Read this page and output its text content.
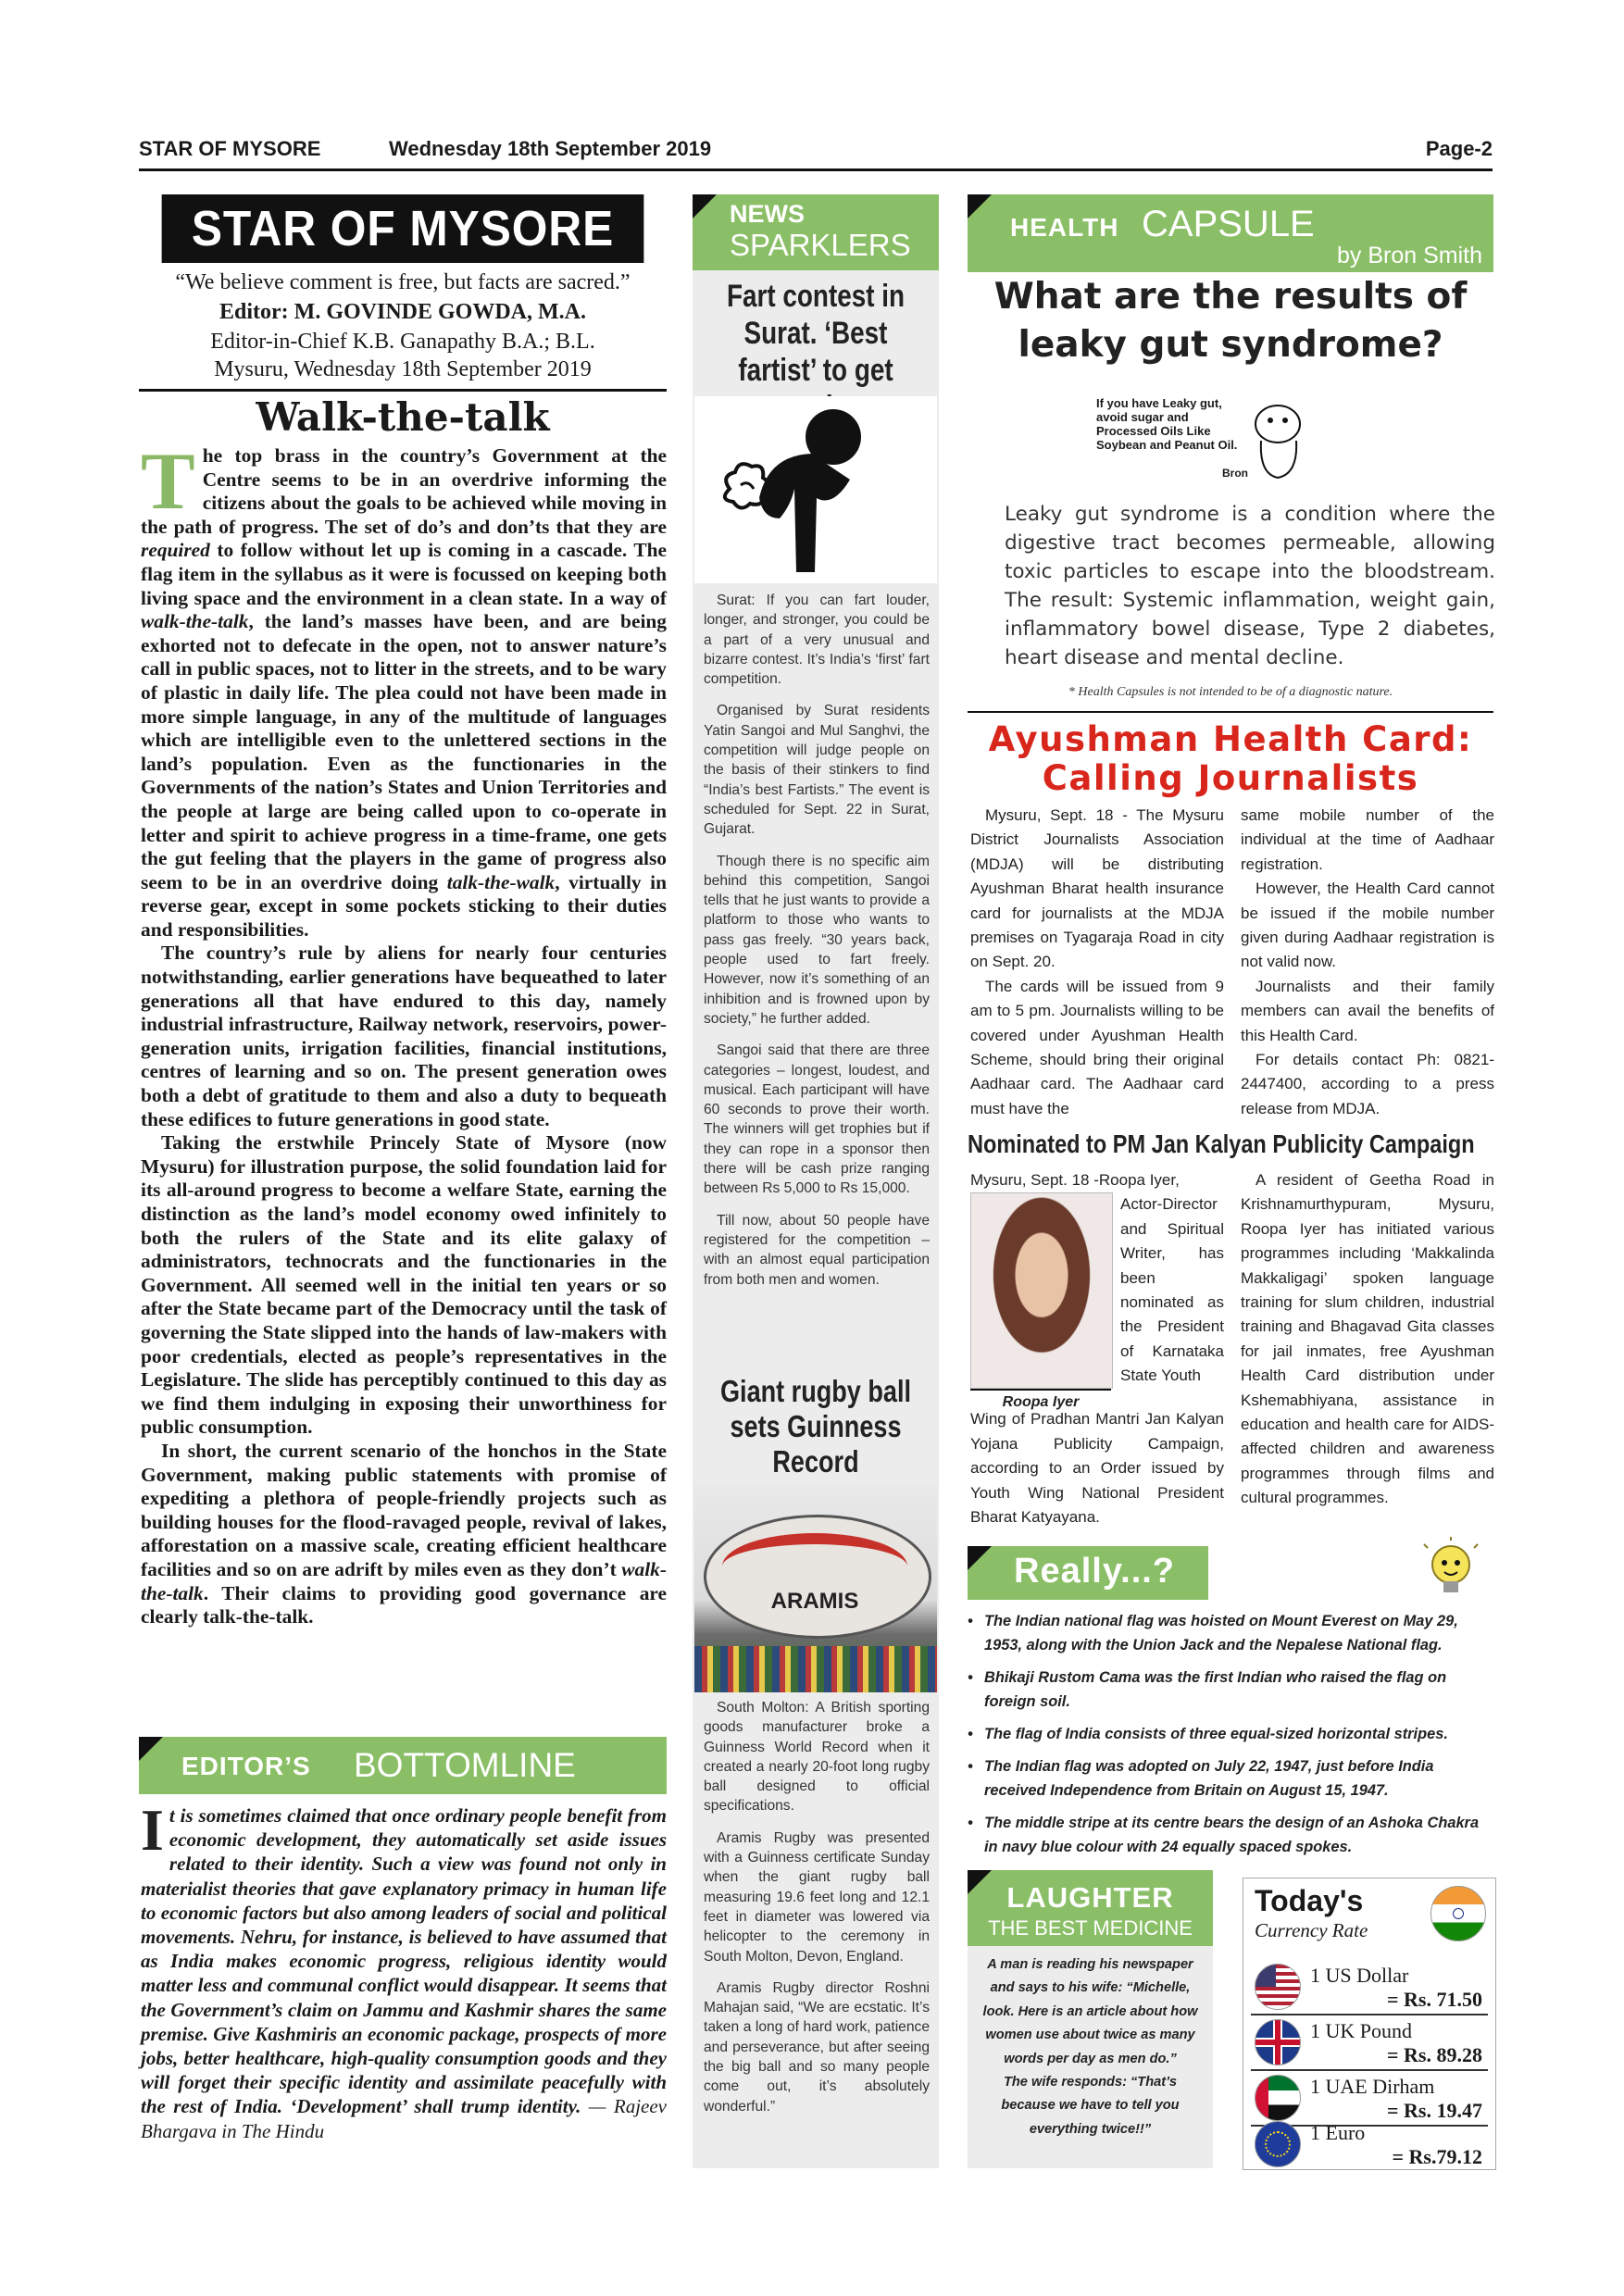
STAR OF MYSORE	Wednesday 18th September 2019	Page-2
STAR OF MYSORE
“We believe comment is free, but facts are sacred.”
Editor: M. GOVINDE GOWDA, M.A.
Editor-in-Chief K.B. Ganapathy B.A.; B.L.
Mysuru, Wednesday 18th September 2019
Walk-the-talk

The top brass in the country’s Government at the Centre seems to be in an overdrive informing the citizens about the goals to be achieved while moving in the path of progress. The set of do’s and don’ts that they are required to follow without let up is coming in a cascade. The flag item in the syllabus as it were is focussed on keeping both living space and the environment in a clean state. In a way of walk-the-talk, the land’s masses have been, and are being exhorted not to defecate in the open, not to answer nature’s call in public spaces, not to litter in the streets, and to be wary of plastic in daily life. The plea could not have been made in more simple language, in any of the multitude of languages which are intelligible even to the unlettered sections in the land’s population. Even as the functionaries in the Governments of the nation’s States and Union Territories and the people at large are being called upon to co-operate in letter and spirit to achieve progress in a time-frame, one gets the gut feeling that the players in the game of progress also seem to be in an overdrive doing talk-the-walk, virtually in reverse gear, except in some pockets sticking to their duties and responsibilities.

The country’s rule by aliens for nearly four centuries notwithstanding, earlier generations have bequeathed to later generations all that have endured to this day, namely industrial infrastructure, Railway network, reservoirs, power-generation units, irrigation facilities, financial institutions, centres of learning and so on. The present generation owes both a debt of gratitude to them and also a duty to bequeath these edifices to future generations in good state.

Taking the erstwhile Princely State of Mysore (now Mysuru) for illustration purpose, the solid foundation laid for its all-around progress to become a welfare State, earning the distinction as the land’s model economy owed infinitely to both the rulers of the State and its elite galaxy of administrators, technocrats and the functionaries in the Government. All seemed well in the initial ten years or so after the State became part of the Democracy until the task of governing the State slipped into the hands of law-makers with poor credentials, elected as people’s representatives in the Legislature. The slide has perceptibly continued to this day as we find them indulging in exposing their unworthiness for public consumption.

In short, the current scenario of the honchos in the State Government, making public statements with promise of expediting a plethora of people-friendly projects such as building houses for the flood-ravaged people, revival of lakes, afforestation on a massive scale, creating efficient healthcare facilities and so on are adrift by miles even as they don’t walk-the-talk. Their claims to providing good governance are clearly talk-the-talk.

EDITOR’S BOTTOMLINE
It is sometimes claimed that once ordinary people benefit from economic development, they automatically set aside issues related to their identity. Such a view was found not only in materialist theories that gave explanatory primacy in human life to economic factors but also among leaders of social and political movements. Nehru, for instance, is believed to have assumed that as India makes economic progress, religious identity would matter less and communal conflict would disappear. It seems that the Government’s claim on Jammu and Kashmir shares the same premise. Give Kashmiris an economic package, prospects of more jobs, better healthcare, high-quality consumption goods and they will forget their specific identity and assimilate peacefully with the rest of India. ‘Development’ shall trump identity. — Rajeev Bhargava in The Hindu
NEWS
SPARKLERS
Fart contest in Surat. ‘Best fartist’ to get

Surat: If you can fart louder, longer, and stronger, you could be a part of a very unusual and bizarre contest. It’s India’s ‘first’ fart competition.

Organised by Surat residents Yatin Sangoi and Mul Sanghvi, the competition will judge people on the basis of their stinkers to find “India’s best Fartists.” The event is scheduled for Sept. 22 in Surat, Gujarat.

Though there is no specific aim behind this competition, Sangoi tells that he just wants to provide a platform to those who wants to pass gas freely. “30 years back, people used to fart freely. However, now it’s something of an inhibition and is frowned upon by society,” he further added.

Sangoi said that there are three categories – longest, loudest, and musical. Each participant will have 60 seconds to prove their worth. The winners will get trophies but if they can rope in a sponsor then there will be cash prize ranging between Rs 5,000 to Rs 15,000.

Till now, about 50 people have registered for the competition – with an almost equal participation from both men and women.

Giant rugby ball sets Guinness Record
ARAMIS

South Molton: A British sporting goods manufacturer broke a Guinness World Record when it created a nearly 20-foot long rugby ball designed to official specifications.

Aramis Rugby was presented with a Guinness certificate Sunday when the giant rugby ball measuring 19.6 feet long and 12.1 feet in diameter was lowered via helicopter to the ceremony in South Molton, Devon, England.

Aramis Rugby director Roshni Mahajan said, “We are ecstatic. It’s taken a long of hard work, patience and perseverance, but after seeing the big ball and so many people come out, it’s absolutely wonderful.”

HEALTH CAPSULE
by Bron Smith
What are the results of leaky gut syndrome?
If you have Leaky gut, avoid sugar and Processed Oils Like Soybean and Peanut Oil.
Bron
Leaky gut syndrome is a condition where the digestive tract becomes permeable, allowing toxic particles to escape into the bloodstream. The result: Systemic inflammation, weight gain, inflammatory bowel disease, Type 2 diabetes, heart disease and mental decline.
* Health Capsules is not intended to be of a diagnostic nature.
Ayushman Health Card:
Calling Journalists

Mysuru, Sept. 18 - The Mysuru District Journalists Association (MDJA) will be distributing Ayushman Bharat health insurance card for journalists at the MDJA premises on Tyagaraja Road in city on Sept. 20.

The cards will be issued from 9 am to 5 pm. Journalists willing to be covered under Ayushman Health Scheme, should bring their original Aadhaar card. The Aadhaar card must have the

same mobile number of the individual at the time of Aadhaar registration.

However, the Health Card cannot be issued if the mobile number given during Aadhaar registration is not valid now.

Journalists and their family members can avail the benefits of this Health Card.

For details contact Ph: 0821-2447400, according to a press release from MDJA.

Nominated to PM Jan Kalyan Publicity Campaign
Mysuru, Sept. 18 -Roopa Iyer,
Roopa Iyer
Actor-Director and Spiritual Writer, has been nominated as the President of Karnataka State Youth
Wing of Pradhan Mantri Jan Kalyan Yojana Publicity Campaign, according to an Order issued by Youth Wing National President Bharat Katyayana.

A resident of Geetha Road in Krishnamurthypuram, Mysuru, Roopa Iyer has initiated various programmes including ‘Makkalinda Makkaligagi’ spoken language training for slum children, industrial training and Bhagavad Gita classes for jail inmates, free Ayushman Health Card distribution under Kshemabhiyana, assistance in education and health care for AIDS-affected children and awareness programmes through films and cultural programmes.

Really...?
• The Indian national flag was hoisted on Mount Everest on May 29, 1953, along with the Union Jack and the Nepalese National flag.
• Bhikaji Rustom Cama was the first Indian who raised the flag on foreign soil.
• The flag of India consists of three equal-sized horizontal stripes.
• The Indian flag was adopted on July 22, 1947, just before India received Independence from Britain on August 15, 1947.
• The middle stripe at its centre bears the design of an Ashoka Chakra in navy blue colour with 24 equally spaced spokes.
LAUGHTER
THE BEST MEDICINE
A man is reading his newspaper and says to his wife: “Michelle, look. Here is an article about how women use about twice as many words per day as men do.”
The wife responds: “That’s because we have to tell you everything twice!!”
Today's
Currency Rate
1 US Dollar
= Rs. 71.50
1 UK Pound
= Rs. 89.28
1 UAE Dirham
= Rs. 19.47
1 Euro
= Rs.79.12
